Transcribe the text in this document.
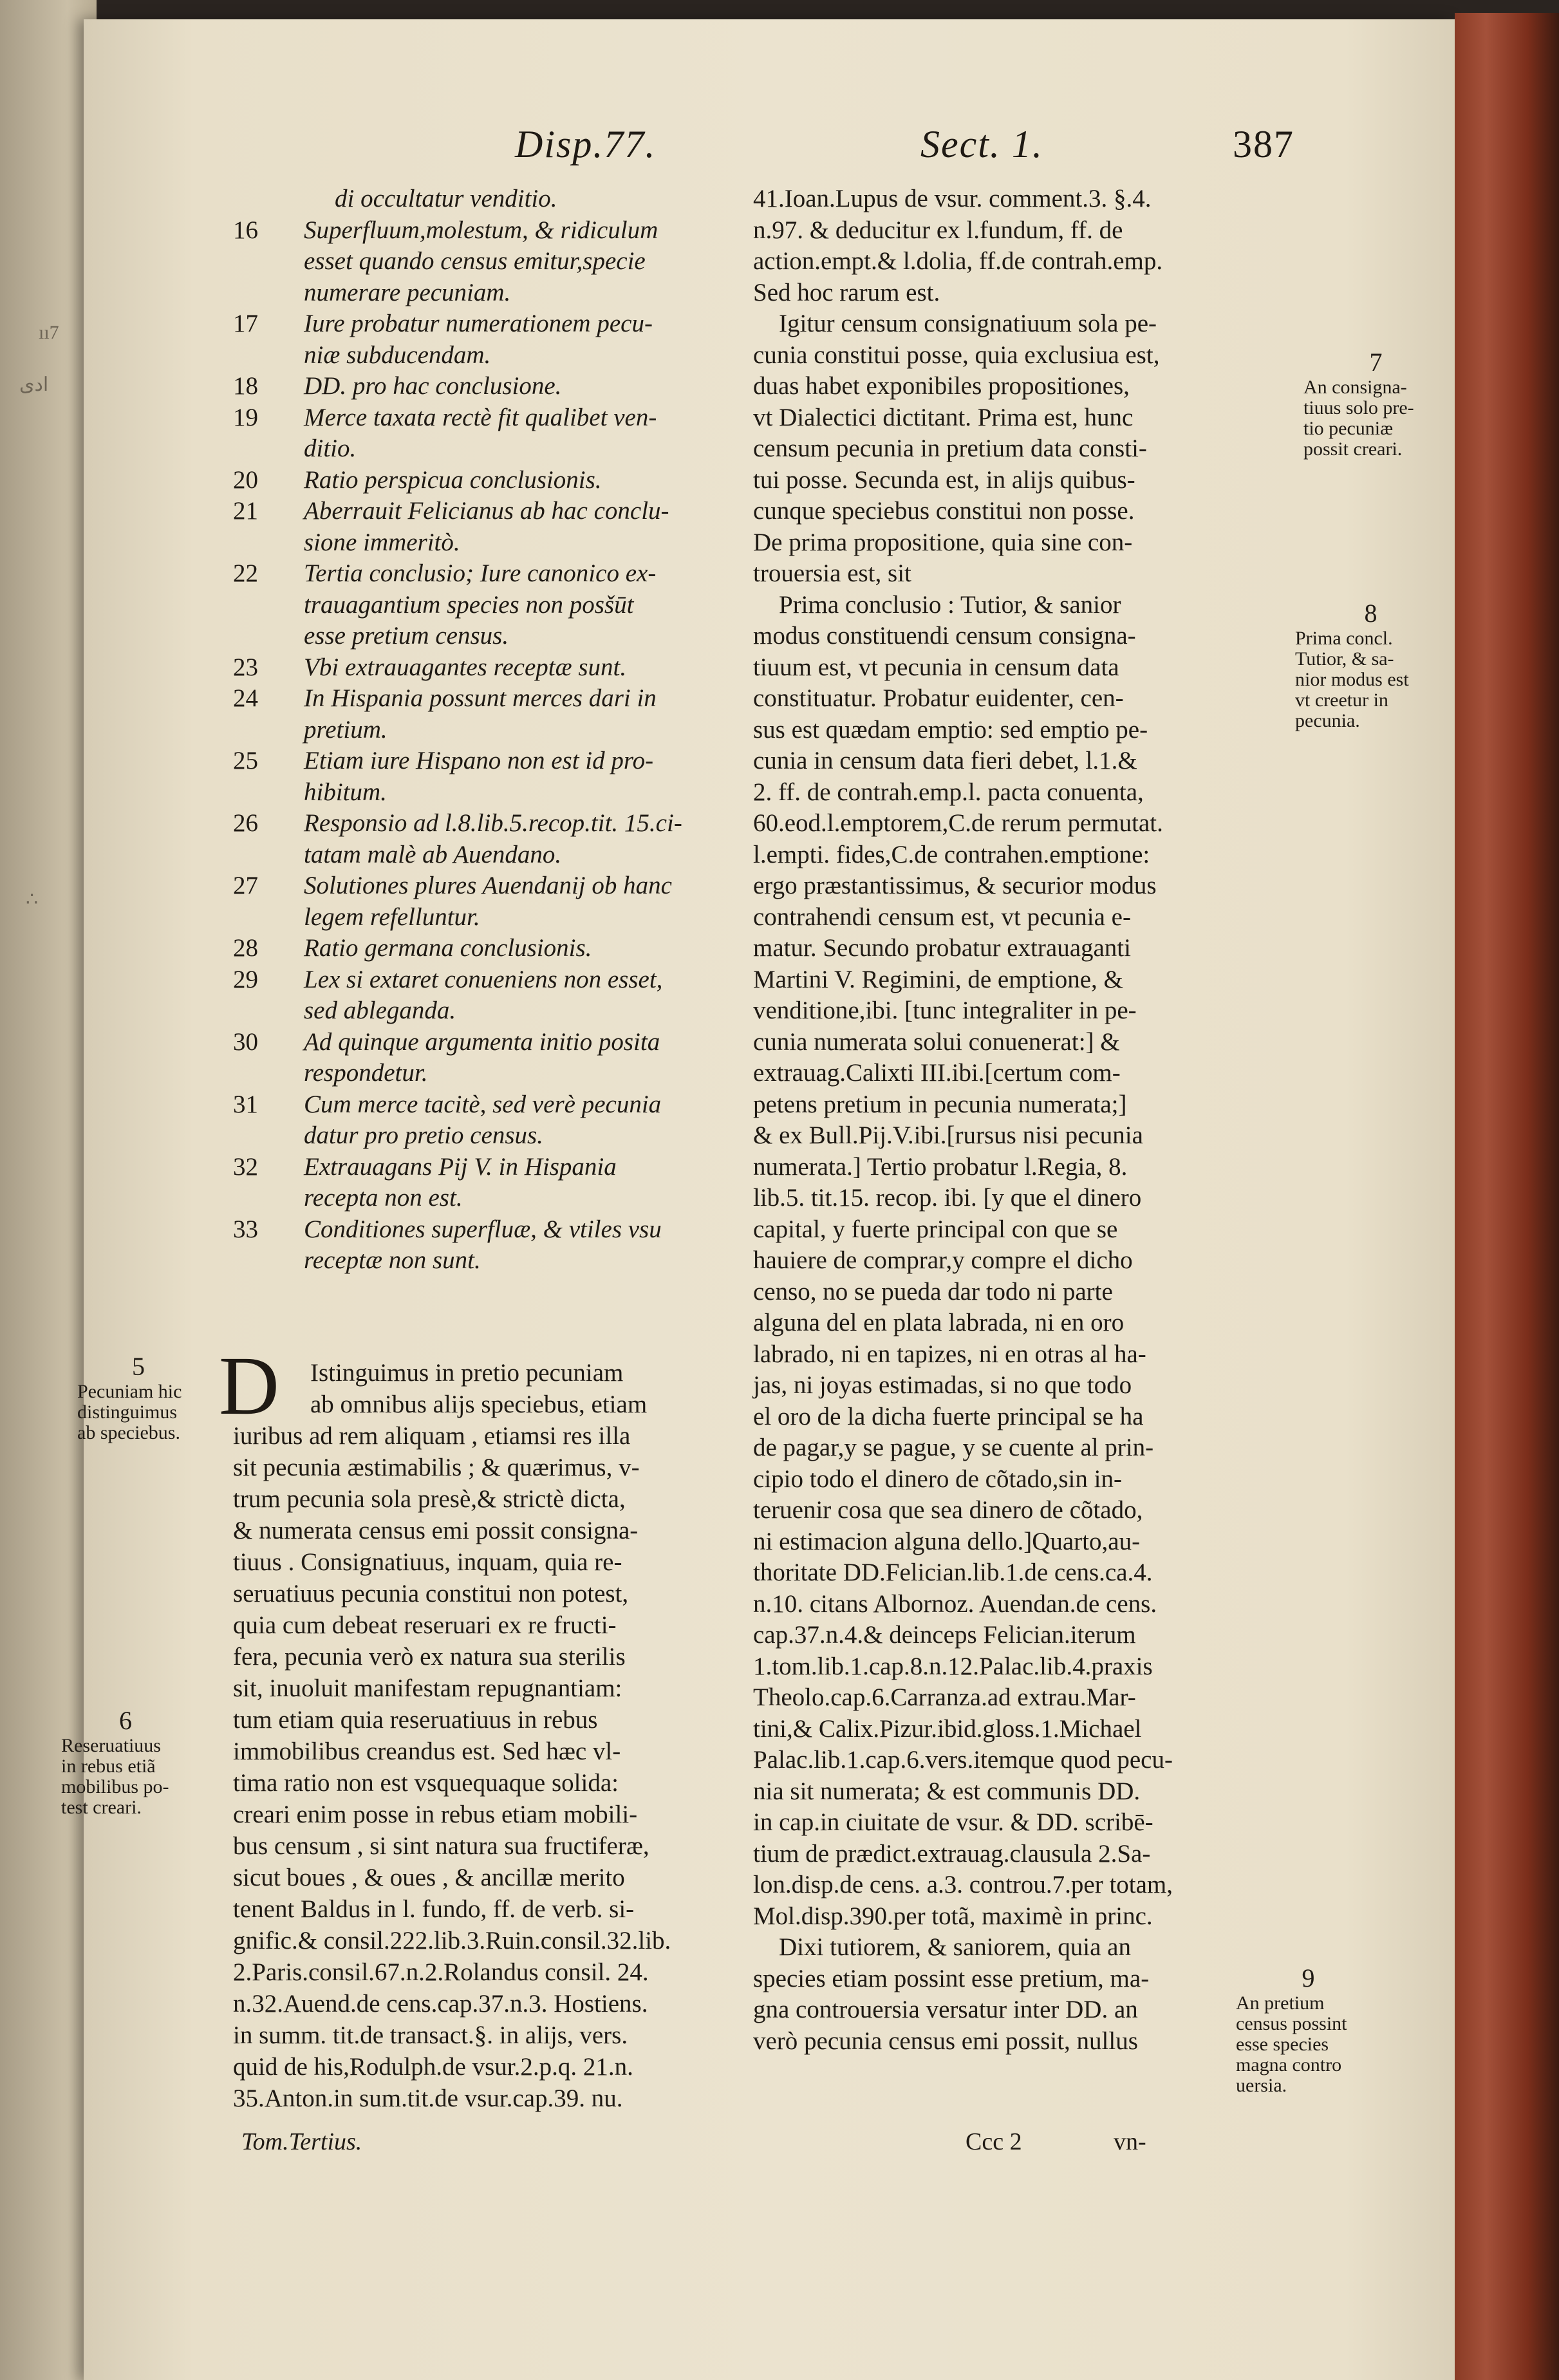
ıı7
ادى
∴
Disp.77.	Sect. 1.	387
di occultatur venditio.
16 Superfluum,molestum, & ridiculum
esset quando census emitur,specie
numerare pecuniam.
17 Iure probatur numerationem pecu-
niæ subducendam.
18 DD. pro hac conclusione.
19 Merce taxata rectè fit qualibet ven-
ditio.
20 Ratio perspicua conclusionis.
21 Aberrauit Felicianus ab hac conclu-
sione immeritò.
22 Tertia conclusio; Iure canonico ex-
trauagantium species non posšūt
esse pretium census.
23 Vbi extrauagantes receptæ sunt.
24 In Hispania possunt merces dari in
pretium.
25 Etiam iure Hispano non est id pro-
hibitum.
26 Responsio ad l.8.lib.5.recop.tit. 15.ci-
tatam malè ab Auendano.
27 Solutiones plures Auendanij ob hanc
legem refelluntur.
28 Ratio germana conclusionis.
29 Lex si extaret conueniens non esset,
sed ableganda.
30 Ad quinque argumenta initio posita
respondetur.
31 Cum merce tacitè, sed verè pecunia
datur pro pretio census.
32 Extrauagans Pij V. in Hispania
recepta non est.
33 Conditiones superfluæ, & vtiles vsu
receptæ non sunt.
D	Istinguimus in pretio pecuniam
ab omnibus alijs speciebus, etiam
iuribus ad rem aliquam , etiamsi res illa
sit pecunia æstimabilis ; & quærimus, v-
trum pecunia sola presè,& strictè dicta,
& numerata census emi possit consigna-
tiuus . Consignatiuus, inquam, quia re-
seruatiuus pecunia constitui non potest,
quia cum debeat reseruari ex re fructi-
fera, pecunia verò ex natura sua sterilis
sit, inuoluit manifestam repugnantiam:
tum etiam quia reseruatiuus in rebus
immobilibus creandus est. Sed hæc vl-
tima ratio non est vsquequaque solida:
creari enim posse in rebus etiam mobili-
bus censum , si sint natura sua fructiferæ,
sicut boues , & oues , & ancillæ merito
tenent Baldus in l. fundo, ff. de verb. si-
gnific.& consil.222.lib.3.Ruin.consil.32.lib.
2.Paris.consil.67.n.2.Rolandus consil. 24.
n.32.Auend.de cens.cap.37.n.3. Hostiens.
in summ. tit.de transact.§. in alijs, vers.
quid de his,Rodulph.de vsur.2.p.q. 21.n.
35.Anton.in sum.tit.de vsur.cap.39. nu.
41.Ioan.Lupus de vsur. comment.3. §.4.
n.97. & deducitur ex l.fundum, ff. de
action.empt.& l.dolia, ff.de contrah.emp.
Sed hoc rarum est.
Igitur censum consignatiuum sola pe-
cunia constitui posse, quia exclusiua est,
duas habet exponibiles propositiones,
vt Dialectici dictitant. Prima est, hunc
censum pecunia in pretium data consti-
tui posse. Secunda est, in alijs quibus-
cunque speciebus constitui non posse.
De prima propositione, quia sine con-
trouersia est, sit
Prima conclusio : Tutior, & sanior
modus constituendi censum consigna-
tiuum est, vt pecunia in censum data
constituatur. Probatur euidenter, cen-
sus est quædam emptio: sed emptio pe-
cunia in censum data fieri debet, l.1.&
2. ff. de contrah.emp.l. pacta conuenta,
60.eod.l.emptorem,C.de rerum permutat.
l.empti. fides,C.de contrahen.emptione:
ergo præstantissimus, & securior modus
contrahendi censum est, vt pecunia e-
matur. Secundo probatur extrauaganti
Martini V. Regimini, de emptione, &
venditione,ibi. [tunc integraliter in pe-
cunia numerata solui conuenerat:] &
extrauag.Calixti III.ibi.[certum com-
petens pretium in pecunia numerata;]
& ex Bull.Pij.V.ibi.[rursus nisi pecunia
numerata.] Tertio probatur l.Regia, 8.
lib.5. tit.15. recop. ibi. [y que el dinero
capital, y fuerte principal con que se
hauiere de comprar,y compre el dicho
censo, no se pueda dar todo ni parte
alguna del en plata labrada, ni en oro
labrado, ni en tapizes, ni en otras al ha-
jas, ni joyas estimadas, si no que todo
el oro de la dicha fuerte principal se ha
de pagar,y se pague, y se cuente al prin-
cipio todo el dinero de cõtado,sin in-
teruenir cosa que sea dinero de cõtado,
ni estimacion alguna dello.]Quarto,au-
thoritate DD.Felician.lib.1.de cens.ca.4.
n.10. citans Albornoz. Auendan.de cens.
cap.37.n.4.& deinceps Felician.iterum
1.tom.lib.1.cap.8.n.12.Palac.lib.4.praxis
Theolo.cap.6.Carranza.ad extrau.Mar-
tini,& Calix.Pizur.ibid.gloss.1.Michael
Palac.lib.1.cap.6.vers.itemque quod pecu-
nia sit numerata; & est communis DD.
in cap.in ciuitate de vsur. & DD. scribē-
tium de prædict.extrauag.clausula 2.Sa-
lon.disp.de cens. a.3. controu.7.per totam,
Mol.disp.390.per totã, maximè in princ.
Dixi tutiorem, & saniorem, quia an
species etiam possint esse pretium, ma-
gna controuersia versatur inter DD. an
verò pecunia census emi possit, nullus
5
Pecuniam hic
distinguimus
ab speciebus.
6
Reseruatiuus
in rebus etiã
mobilibus po-
test creari.
7
An consigna-
tiuus solo pre-
tio pecuniæ
possit creari.
8
Prima concl.
Tutior, & sa-
nior modus est
vt creetur in
pecunia.
9
An pretium
census possint
esse species
magna contro
uersia.
Tom.Tertius.	Ccc 2	vn-
